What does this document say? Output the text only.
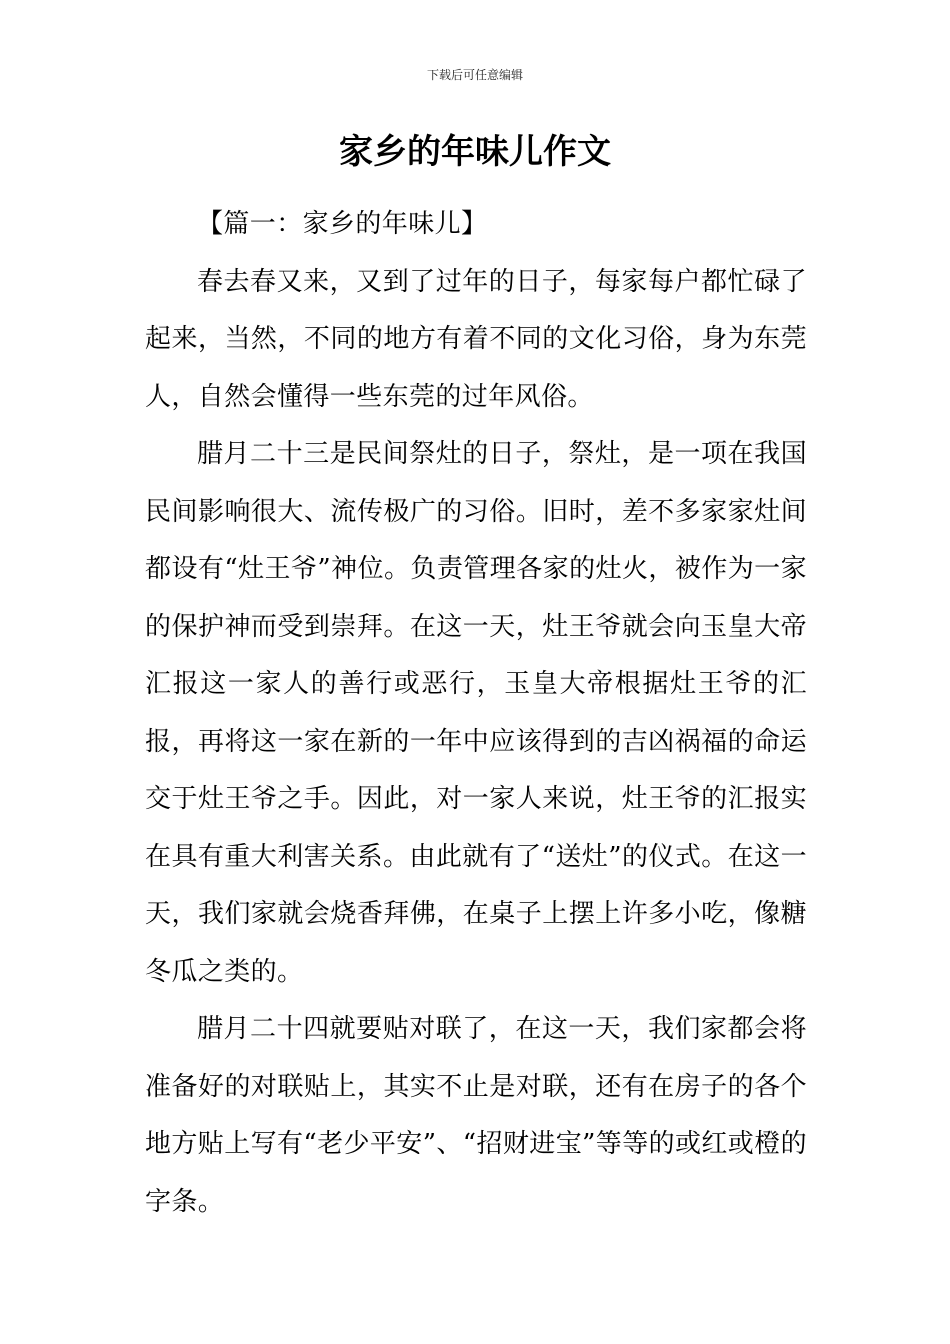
下载后可任意编辑
家乡的年味儿作文

【篇一：家乡的年味儿】

春去春又来，又到了过年的日子，每家每户都忙碌了起来，当然，不同的地方有着不同的文化习俗，身为东莞人，自然会懂得一些东莞的过年风俗。

腊月二十三是民间祭灶的日子，祭灶，是一项在我国民间影响很大、流传极广的习俗。旧时，差不多家家灶间都设有“灶王爷”神位。负责管理各家的灶火，被作为一家的保护神而受到崇拜。在这一天，灶王爷就会向玉皇大帝汇报这一家人的善行或恶行，玉皇大帝根据灶王爷的汇报，再将这一家在新的一年中应该得到的吉凶祸福的命运交于灶王爷之手。因此，对一家人来说，灶王爷的汇报实在具有重大利害关系。由此就有了“送灶”的仪式。在这一天，我们家就会烧香拜佛，在桌子上摆上许多小吃，像糖冬瓜之类的。

腊月二十四就要贴对联了，在这一天，我们家都会将准备好的对联贴上，其实不止是对联，还有在房子的各个地方贴上写有“老少平安”、“招财进宝”等等的或红或橙的字条。
